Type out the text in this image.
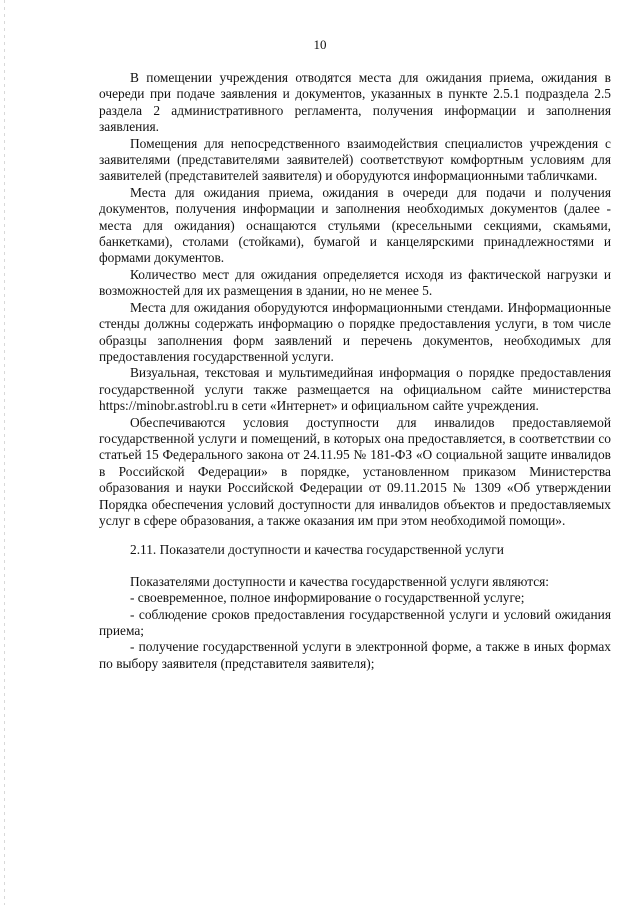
10

В помещении учреждения отводятся места для ожидания приема, ожидания в очереди при подаче заявления и документов, указанных в пункте 2.5.1 подраздела 2.5 раздела 2 административного регламента, получения информации и заполнения заявления.

Помещения для непосредственного взаимодействия специалистов учреждения с заявителями (представителями заявителей) соответствуют комфортным условиям для заявителей (представителей заявителя) и оборудуются информационными табличками.

Места для ожидания приема, ожидания в очереди для подачи и получения документов, получения информации и заполнения необходимых документов (далее - места для ожидания) оснащаются стульями (кресельными секциями, скамьями, банкетками), столами (стойками), бумагой и канцелярскими принадлежностями и формами документов.

Количество мест для ожидания определяется исходя из фактической нагрузки и возможностей для их размещения в здании, но не менее 5.

Места для ожидания оборудуются информационными стендами. Информационные стенды должны содержать информацию о порядке предоставления услуги, в том числе образцы заполнения форм заявлений и перечень документов, необходимых для предоставления государственной услуги.

Визуальная, текстовая и мультимедийная информация о порядке предоставления государственной услуги также размещается на официальном сайте министерства https://minobr.astrobl.ru в сети «Интернет» и официальном сайте учреждения.

Обеспечиваются условия доступности для инвалидов предоставляемой государственной услуги и помещений, в которых она предоставляется, в соответствии со статьей 15 Федерального закона от 24.11.95 № 181-ФЗ «О социальной защите инвалидов в Российской Федерации» в порядке, установленном приказом Министерства образования и науки Российской Федерации от 09.11.2015 № 1309 «Об утверждении Порядка обеспечения условий доступности для инвалидов объектов и предоставляемых услуг в сфере образования, а также оказания им при этом необходимой помощи».

2.11. Показатели доступности и качества государственной услуги

Показателями доступности и качества государственной услуги являются:

- своевременное, полное информирование о государственной услуге;

- соблюдение сроков предоставления государственной услуги и условий ожидания приема;

- получение государственной услуги в электронной форме, а также в иных формах по выбору заявителя (представителя заявителя);
